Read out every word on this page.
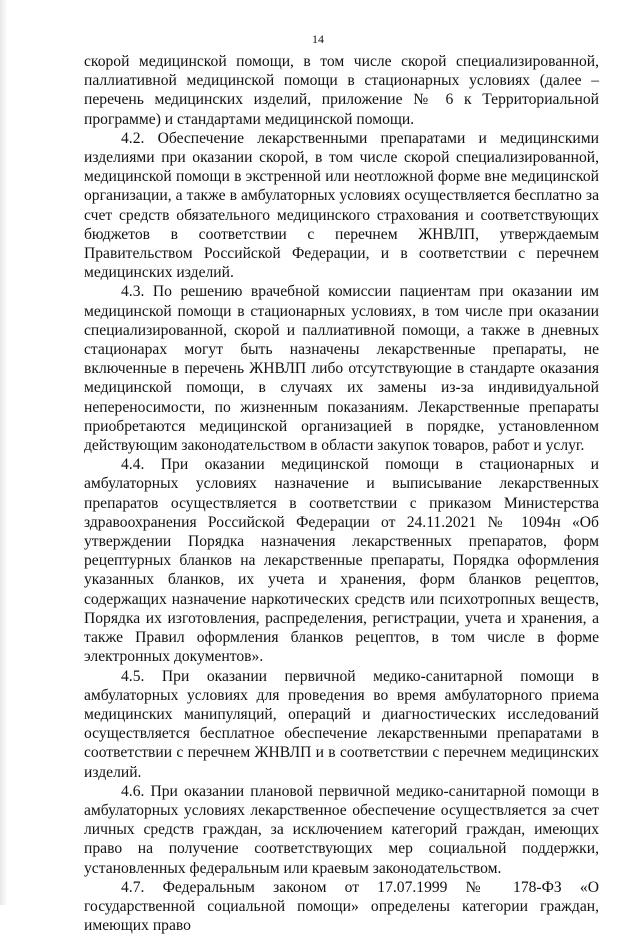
14

скорой медицинской помощи, в том числе скорой специализированной, паллиативной медицинской помощи в стационарных условиях (далее – перечень медицинских изделий, приложение № 6 к Территориальной программе) и стандартами медицинской помощи.

4.2. Обеспечение лекарственными препаратами и медицинскими изделиями при оказании скорой, в том числе скорой специализированной, медицинской помощи в экстренной или неотложной форме вне медицинской организации, а также в амбулаторных условиях осуществляется бесплатно за счет средств обязательного медицинского страхования и соответствующих бюджетов в соответствии с перечнем ЖНВЛП, утверждаемым Правительством Российской Федерации, и в соответствии с перечнем медицинских изделий.

4.3. По решению врачебной комиссии пациентам при оказании им медицинской помощи в стационарных условиях, в том числе при оказании специализированной, скорой и паллиативной помощи, а также в дневных стационарах могут быть назначены лекарственные препараты, не включенные в перечень ЖНВЛП либо отсутствующие в стандарте оказания медицинской помощи, в случаях их замены из-за индивидуальной непереносимости, по жизненным показаниям. Лекарственные препараты приобретаются медицинской организацией в порядке, установленном действующим законодательством в области закупок товаров, работ и услуг.

4.4. При оказании медицинской помощи в стационарных и амбулаторных условиях назначение и выписывание лекарственных препаратов осуществляется в соответствии с приказом Министерства здравоохранения Российской Федерации от 24.11.2021 № 1094н «Об утверждении Порядка назначения лекарственных препаратов, форм рецептурных бланков на лекарственные препараты, Порядка оформления указанных бланков, их учета и хранения, форм бланков рецептов, содержащих назначение наркотических средств или психотропных веществ, Порядка их изготовления, распределения, регистрации, учета и хранения, а также Правил оформления бланков рецептов, в том числе в форме электронных документов».

4.5. При оказании первичной медико-санитарной помощи в амбулаторных условиях для проведения во время амбулаторного приема медицинских манипуляций, операций и диагностических исследований осуществляется бесплатное обеспечение лекарственными препаратами в соответствии с перечнем ЖНВЛП и в соответствии с перечнем медицинских изделий.

4.6. При оказании плановой первичной медико-санитарной помощи в амбулаторных условиях лекарственное обеспечение осуществляется за счет личных средств граждан, за исключением категорий граждан, имеющих право на получение соответствующих мер социальной поддержки, установленных федеральным или краевым законодательством.

4.7. Федеральным законом от 17.07.1999 № 178-ФЗ «О государственной социальной помощи» определены категории граждан, имеющих право
